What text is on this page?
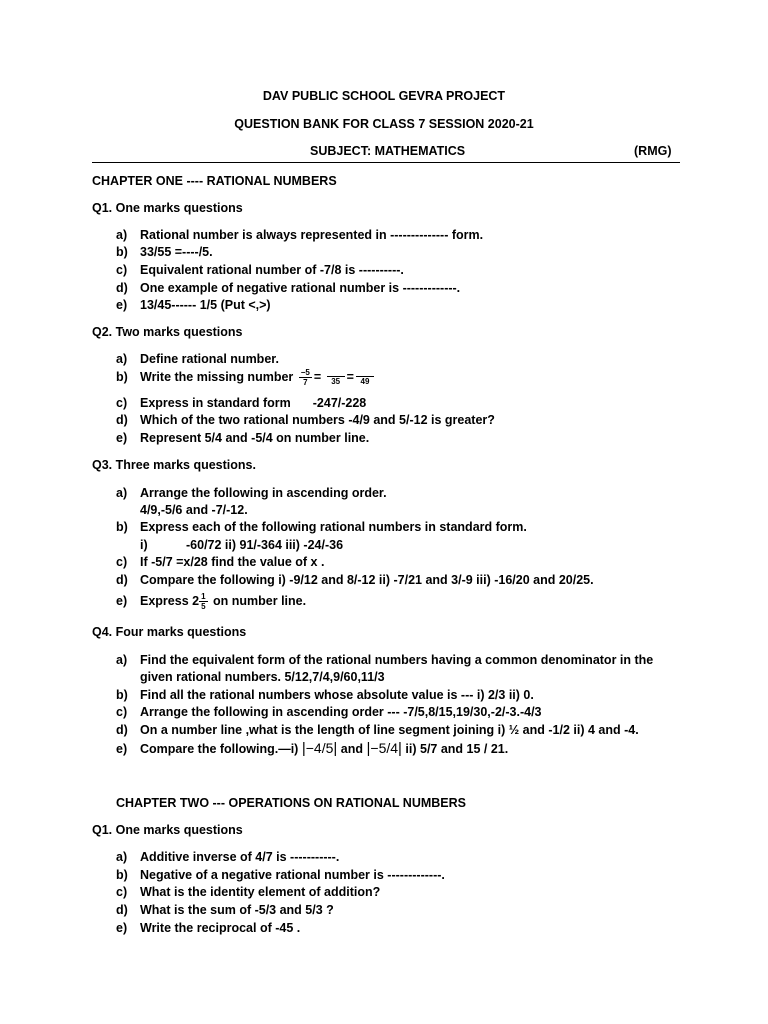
DAV PUBLIC SCHOOL GEVRA PROJECT
QUESTION BANK FOR CLASS 7 SESSION 2020-21
SUBJECT: MATHEMATICS	(RMG)
CHAPTER ONE ---- RATIONAL NUMBERS
Q1. One marks questions
a) Rational number is always represented in -------------- form.
b) 33/55 =----/5.
c) Equivalent rational number of -7/8 is ----------.
d) One example of negative rational number is -------------.
e) 13/45------ 1/5 (Put <,>)
Q2. Two marks questions
a) Define rational number.
b) Write the missing number $\frac{-5}{7}$ =	35 = 49
c) Express in standard form -247/-228
d) Which of the two rational numbers -4/9 and 5/-12 is greater?
e) Represent 5/4 and -5/4 on number line.
Q3. Three marks questions.
a) Arrange the following in ascending order.
4/9,-5/6 and -7/-12.
b) Express each of the following rational numbers in standard form.
i)	-60/72 ii) 91/-364 iii) -24/-36
c) If -5/7 =x/28 find the value of x .
d) Compare the following i) -9/12 and 8/-12 ii) -7/21 and 3/-9 iii) -16/20 and 20/25.
e) Express $2 \frac{1}{5}$ on number line.
Q4. Four marks questions
a) Find the equivalent form of the rational numbers having a common denominator in the
given rational numbers. 5/12,7/4,9/60,11/3
b) Find all the rational numbers whose absolute value is --- i) 2/3 ii) 0.
c) Arrange the following in ascending order --- -7/5,8/15,19/30,-2/-3.-4/3
d) On a number line ,what is the length of line segment joining i) ½ and -1/2 ii) 4 and -4.
e) Compare the following.—i) |−4/5| and |−5/4| ii) 5/7 and 15 / 21.
CHAPTER TWO --- OPERATIONS ON RATIONAL NUMBERS
Q1. One marks questions
a) Additive inverse of 4/7 is -----------.
b) Negative of a negative rational number is -------------.
c) What is the identity element of addition?
d) What is the sum of -5/3 and 5/3 ?
e) Write the reciprocal of -45 .
